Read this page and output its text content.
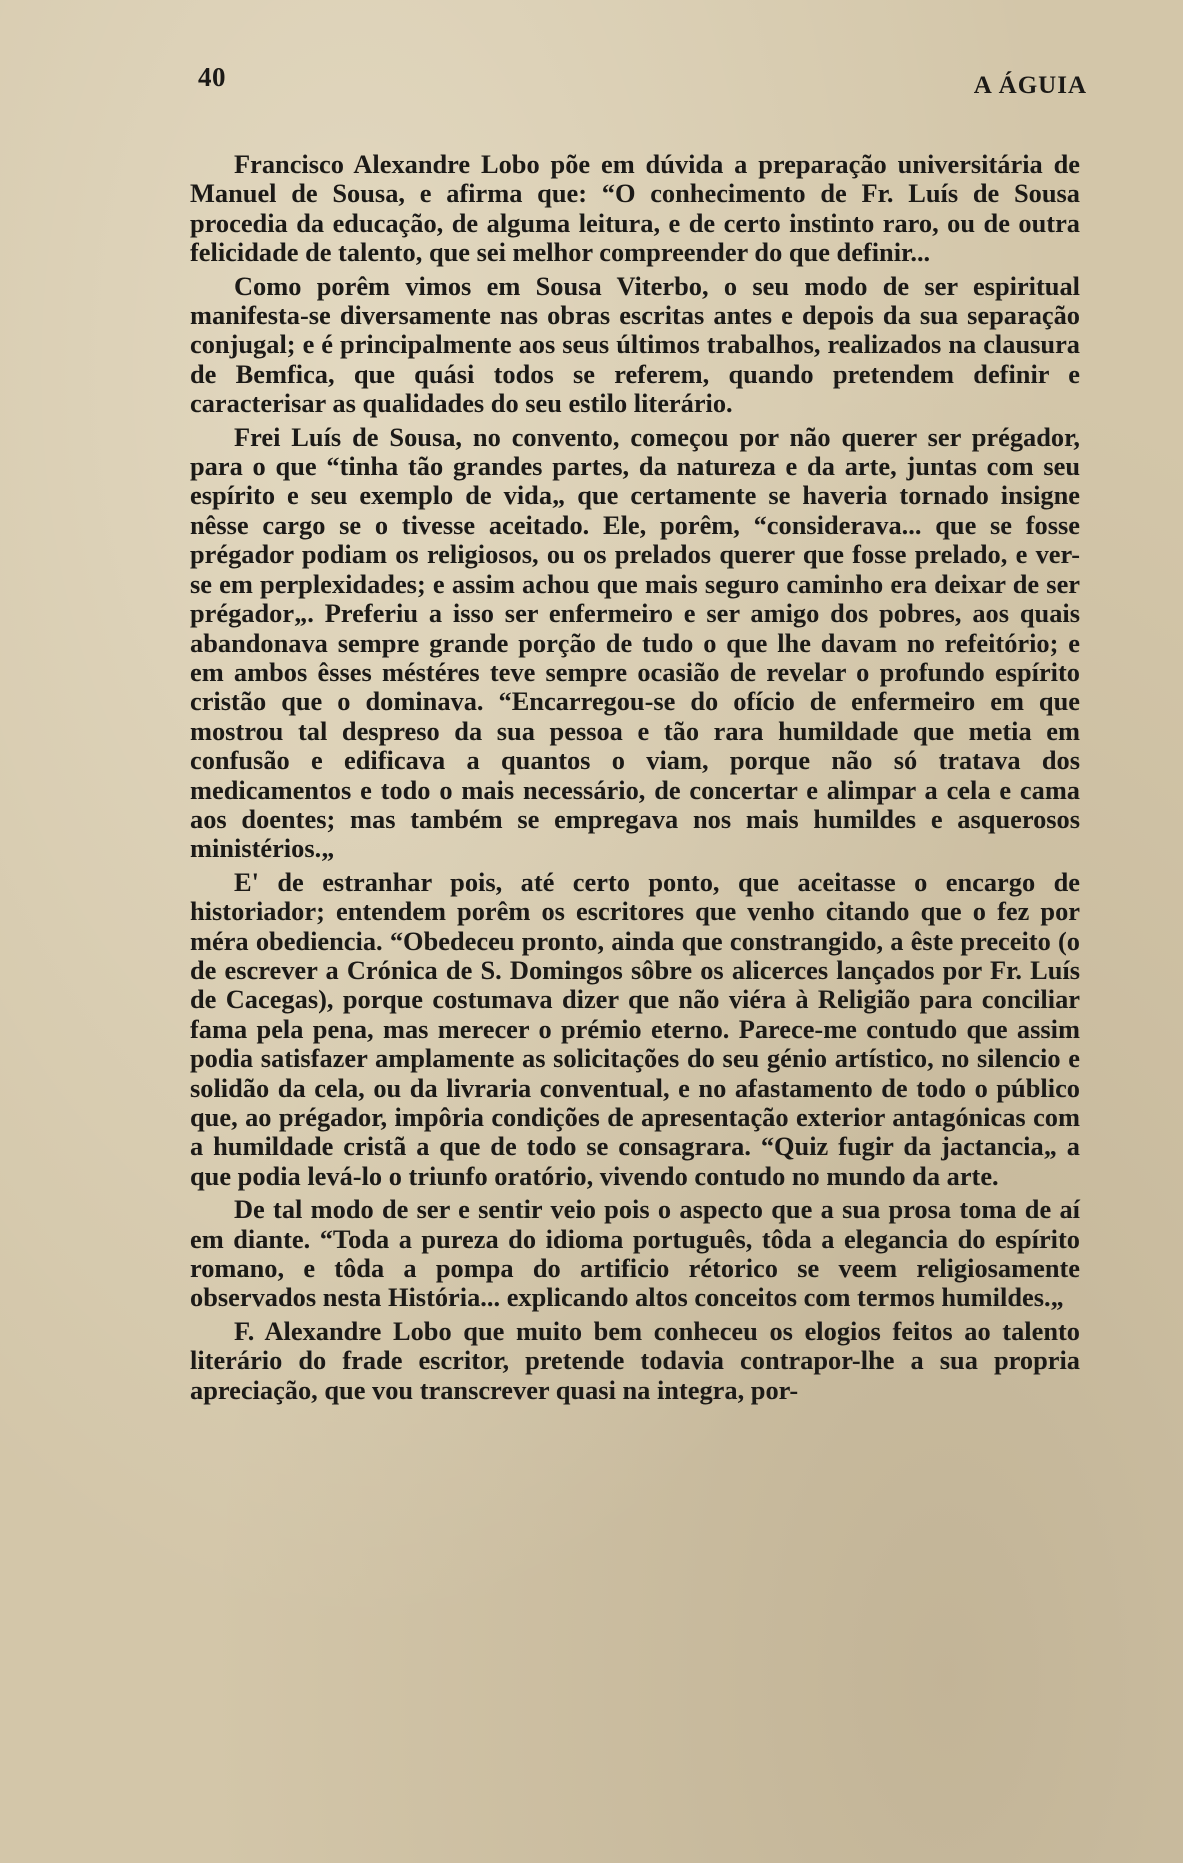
40	A ÁGUIA

Francisco Alexandre Lobo põe em dúvida a preparação universitária de Manuel de Sousa, e afirma que: “O conhecimento de Fr. Luís de Sousa procedia da educação, de alguma leitura, e de certo instinto raro, ou de outra felicidade de talento, que sei melhor compreender do que definir...

Como porêm vimos em Sousa Viterbo, o seu modo de ser espiritual manifesta-se diversamente nas obras escritas antes e depois da sua separação conjugal; e é principalmente aos seus últimos trabalhos, realizados na clausura de Bemfica, que quási todos se referem, quando pretendem definir e caracterisar as qualidades do seu estilo literário.

Frei Luís de Sousa, no convento, começou por não querer ser prégador, para o que “tinha tão grandes partes, da natureza e da arte, juntas com seu espírito e seu exemplo de vida„ que certamente se haveria tornado insigne nêsse cargo se o tivesse aceitado. Ele, porêm, “considerava... que se fosse prégador podiam os religiosos, ou os prelados querer que fosse prelado, e ver-se em perplexidades; e assim achou que mais seguro caminho era deixar de ser prégador„. Preferiu a isso ser enfermeiro e ser amigo dos pobres, aos quais abandonava sempre grande porção de tudo o que lhe davam no refeitório; e em ambos êsses méstéres teve sempre ocasião de revelar o profundo espírito cristão que o dominava. “Encarregou-se do ofício de enfermeiro em que mostrou tal despreso da sua pessoa e tão rara humildade que metia em confusão e edificava a quantos o viam, porque não só tratava dos medicamentos e todo o mais necessário, de concertar e alimpar a cela e cama aos doentes; mas também se empregava nos mais humildes e asquerosos ministérios.„

E' de estranhar pois, até certo ponto, que aceitasse o encargo de historiador; entendem porêm os escritores que venho citando que o fez por méra obediencia. “Obedeceu pronto, ainda que constrangido, a êste preceito (o de escrever a Crónica de S. Domingos sôbre os alicerces lançados por Fr. Luís de Cacegas), porque costumava dizer que não viéra à Religião para conciliar fama pela pena, mas merecer o prémio eterno. Parece-me contudo que assim podia satisfazer amplamente as solicitações do seu génio artístico, no silencio e solidão da cela, ou da livraria conventual, e no afastamento de todo o público que, ao prégador, impôria condições de apresentação exterior antagónicas com a humildade cristã a que de todo se consagrara. “Quiz fugir da jactancia„ a que podia levá-lo o triunfo oratório, vivendo contudo no mundo da arte.

De tal modo de ser e sentir veio pois o aspecto que a sua prosa toma de aí em diante. “Toda a pureza do idioma português, tôda a elegancia do espírito romano, e tôda a pompa do artificio rétorico se veem religiosamente observados nesta História... explicando altos conceitos com termos humildes.„

F. Alexandre Lobo que muito bem conheceu os elogios feitos ao talento literário do frade escritor, pretende todavia contrapor-lhe a sua propria apreciação, que vou transcrever quasi na integra, por-
